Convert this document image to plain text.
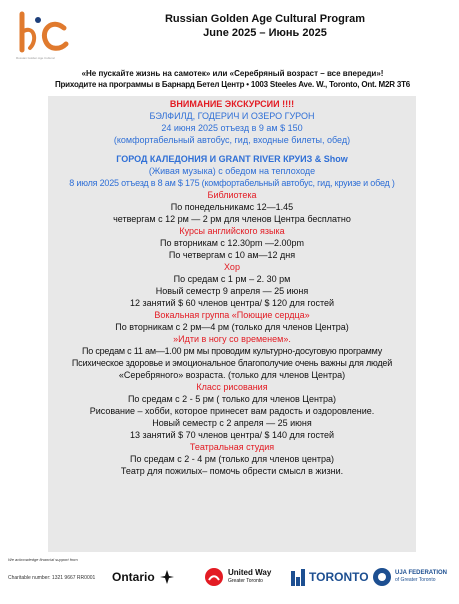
Russian Golden Age Cultural
Russian Golden Age Cultural Program
June 2025 – Июнь 2025
«Не пускайте жизнь на самотек» или «Серебряный возраст – все впереди»!
Приходите на программы в Барнард Бетел Центр • 1003 Steeles Ave. W., Toronto, Ont. M2R 3T6
ВНИМАНИЕ ЭКСКУРСИИ !!!!
БЭЛФИЛД, ГОДЕРИЧ И ОЗЕРО ГУРОН
24 июня 2025 отъезд в 9 ам $ 150
(комфортабельный автобус, гид, входные билеты, обед)
ГОРОД КАЛЕДОНИЯ И GRANT RIVER КРУИЗ & Show
(Живая музыка) с обедом на теплоходе
8 июля 2025 отъезд в 8 ам $ 175 (комфортабельный автобус, гид, круизе и обед )
Библиотека
По понедельникамс 12—1.45
четвергам с 12 рм — 2 рм для членов Центра бесплатно
Курсы английского языка
По вторникам с 12.30pm —2.00pm
По четвергам с 10 ам—12 дня
Хор
По средам с 1 рм – 2. 30 рм
Новый семестр 9 апреля — 25 июня
12 занятий $ 60 членов центра/ $ 120 для гостей
Вокальная группа «Поющие сердца»
По вторникам с 2 рм—4 рм (только для членов Центра)
»Идти в ногу со временем».
По средам с 11 ам—1.00 рм мы проводим культурно-досуговую программу
Психическое здоровье и эмоциональное благополучие очень важны для людей
«Серебряного» возраста. (только для членов Центра)
Класс рисования
По средам с 2 - 5 рм ( только для членов Центра)
Рисование – хобби, которое принесет вам радость и оздоровление.
Новый семестр с 2 апреля — 25 июня
13 занятий $ 70 членов центра/ $ 140 для гостей
Театральная студия
По средам с 2 - 4 рм (только для членов центра)
Театр для пожилых– помочь обрести смысл в жизни.
We acknowledge financial support from
Charitable number: 1321 9667 RR0001 Ontario	United Way
Greater Toronto	TORONTO	UJA FEDERATION
of Greater Toronto
